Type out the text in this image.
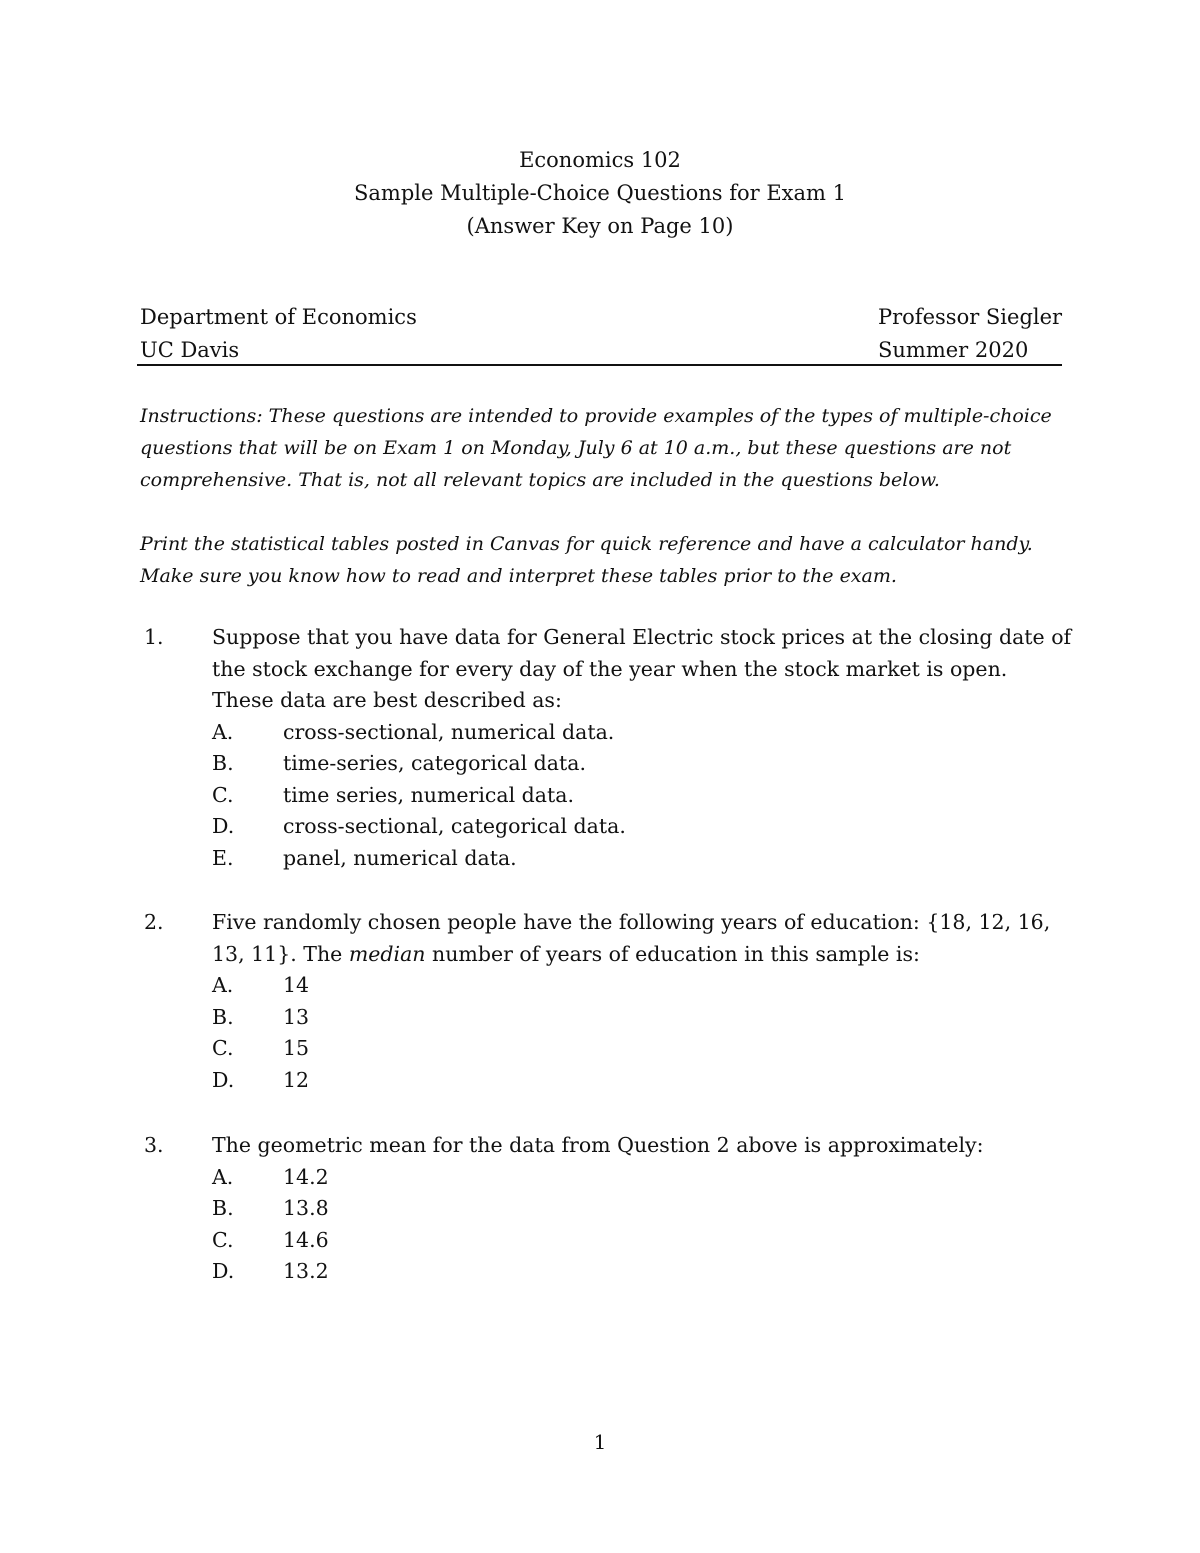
Economics 102
Sample Multiple-Choice Questions for Exam 1
(Answer Key on Page 10)
Department of Economics	Professor Siegler
UC Davis	Summer 2020
Instructions: These questions are intended to provide examples of the types of multiple-choice
questions that will be on Exam 1 on Monday, July 6 at 10 a.m., but these questions are not
comprehensive. That is, not all relevant topics are included in the questions below.
Print the statistical tables posted in Canvas for quick reference and have a calculator handy.
Make sure you know how to read and interpret these tables prior to the exam.
1. Suppose that you have data for General Electric stock prices at the closing date of
the stock exchange for every day of the year when the stock market is open.
These data are best described as:
A. cross-sectional, numerical data.
B. time-series, categorical data.
C. time series, numerical data.
D. cross-sectional, categorical data.
E. panel, numerical data.
2. Five randomly chosen people have the following years of education: {18, 12, 16,
13, 11}. The median number of years of education in this sample is:
A. 14
B. 13
C. 15
D. 12
3. The geometric mean for the data from Question 2 above is approximately:
A. 14.2
B. 13.8
C. 14.6
D. 13.2
1
